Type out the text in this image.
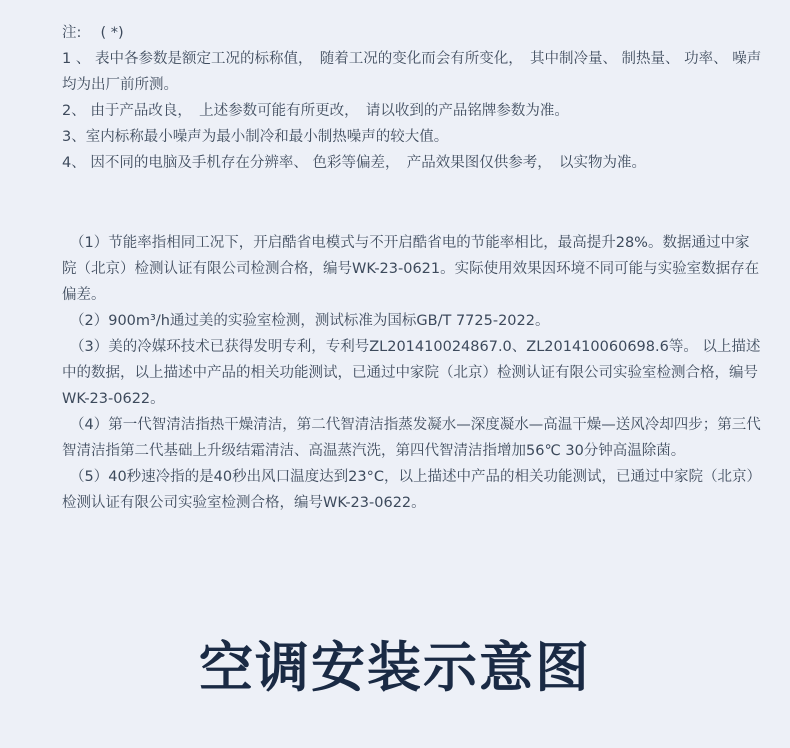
注:　 ( *)

1 、 表中各参数是额定工况的标称值，　随着工况的变化而会有所变化，　其中制冷量、 制热量、 功率、 噪声均为出厂前所测。

2、 由于产品改良，　上述参数可能有所更改，　请以收到的产品铭牌参数为准。

3、室内标称最小噪声为最小制冷和最小制热噪声的较大值。

4、 因不同的电脑及手机存在分辨率、 色彩等偏差，　产品效果图仅供参考，　以实物为准。

（1）节能率指相同工况下，开启酷省电模式与不开启酷省电的节能率相比，最高提升28%。数据通过中家院（北京）检测认证有限公司检测合格，编号WK-23-0621。实际使用效果因环境不同可能与实验室数据存在偏差。

（2）900m³/h通过美的实验室检测，测试标准为国标GB/T 7725-2022。

（3）美的冷媒环技术已获得发明专利，专利号ZL201410024867.0、ZL201410060698.6等。 以上描述中的数据，以上描述中产品的相关功能测试，已通过中家院（北京）检测认证有限公司实验室检测合格，编号WK-23-0622。

（4）第一代智清洁指热干燥清洁，第二代智清洁指蒸发凝水—深度凝水—高温干燥—送风冷却四步；第三代智清洁指第二代基础上升级结霜清洁、高温蒸汽洗，第四代智清洁指增加56℃ 30分钟高温除菌。

（5）40秒速冷指的是40秒出风口温度达到23°C，以上描述中产品的相关功能测试，已通过中家院（北京）检测认证有限公司实验室检测合格，编号WK-23-0622。

空调安装示意图
